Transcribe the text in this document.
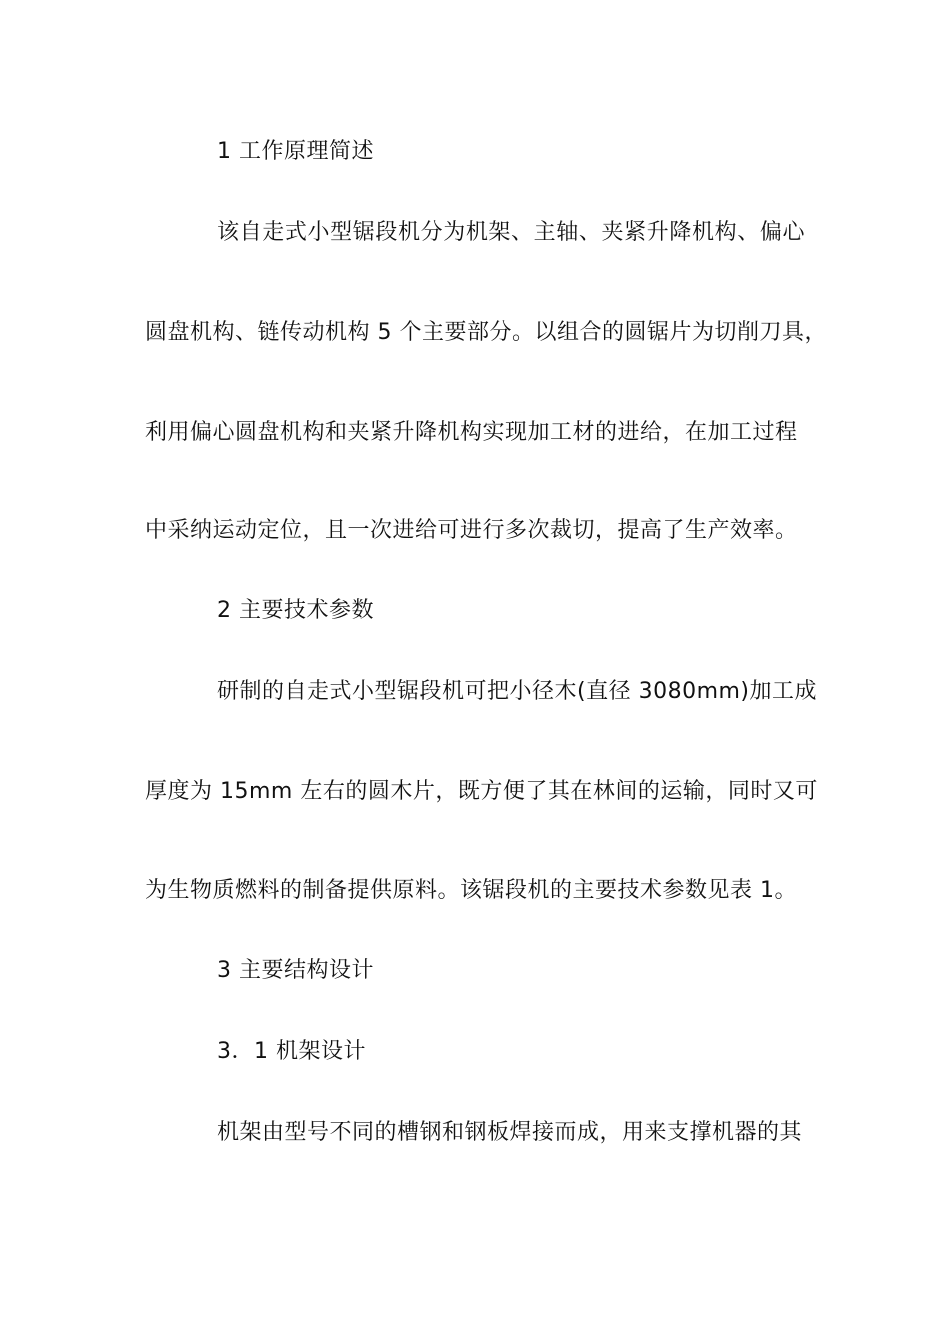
1 工作原理简述
该自走式小型锯段机分为机架、主轴、夹紧升降机构、偏心
圆盘机构、链传动机构 5 个主要部分。以组合的圆锯片为切削刀具，
利用偏心圆盘机构和夹紧升降机构实现加工材的进给，在加工过程
中采纳运动定位，且一次进给可进行多次裁切，提高了生产效率。
2 主要技术参数
研制的自走式小型锯段机可把小径木(直径 3080mm)加工成
厚度为 15mm 左右的圆木片，既方便了其在林间的运输，同时又可
为生物质燃料的制备提供原料。该锯段机的主要技术参数见表 1。
3 主要结构设计
3．1 机架设计
机架由型号不同的槽钢和钢板焊接而成，用来支撑机器的其
